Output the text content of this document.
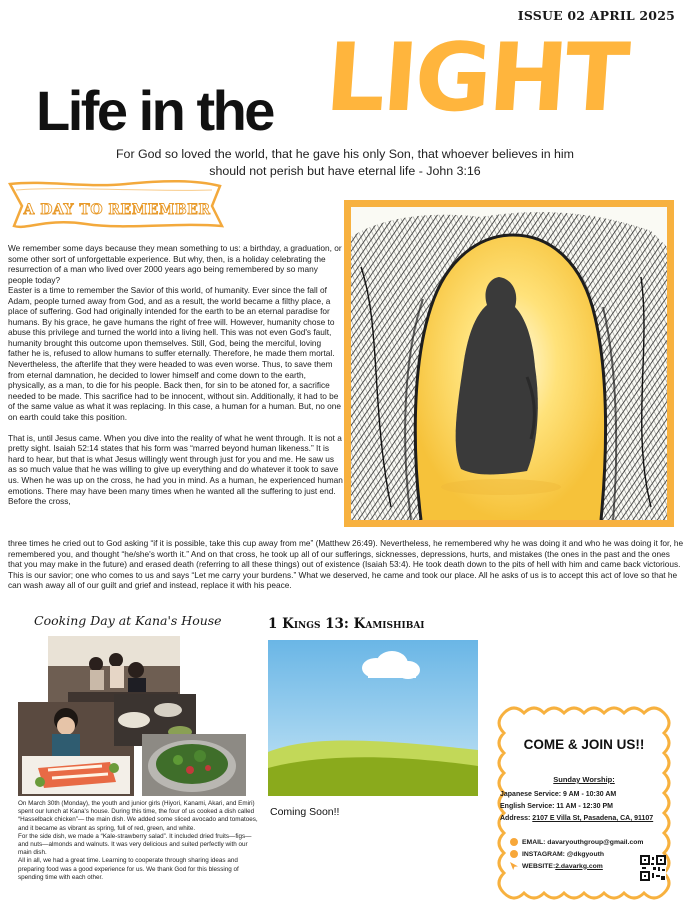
ISSUE 02 APRIL 2025
Life in the LIGHT
For God so loved the world, that he gave his only Son, that whoever believes in him
should not perish but have eternal life - John 3:16
A DAY TO REMEMBER

We remember some days because they mean something to us: a birthday, a graduation, or some other sort of unforgettable experience. But why, then, is a holiday celebrating the resurrection of a man who lived over 2000 years ago being remembered by so many people today?

Easter is a time to remember the Savior of this world, of humanity. Ever since the fall of Adam, people turned away from God, and as a result, the world became a filthy place, a place of suffering. God had originally intended for the earth to be an eternal paradise for humans. By his grace, he gave humans the right of free will. However, humanity chose to abuse this privilege and turned the world into a living hell. This was not even God's fault, humanity brought this outcome upon themselves. Still, God, being the merciful, loving father he is, refused to allow humans to suffer eternally. Therefore, he made them mortal. Nevertheless, the afterlife that they were headed to was even worse. Thus, to save them from eternal damnation, he decided to lower himself and come down to the earth, physically, as a man, to die for his people. Back then, for sin to be atoned for, a sacrifice needed to be made. This sacrifice had to be innocent, without sin. Additionally, it had to be of the same value as what it was replacing. In this case, a human for a human. But, no one on earth could take this position.

That is, until Jesus came. When you dive into the reality of what he went through. It is not a pretty sight. Isaiah 52:14 states that his form was “marred beyond human likeness.” It is hard to hear, but that is what Jesus willingly went through just for you and me. He saw us as so much value that he was willing to give up everything and do whatever it took to save us. When he was up on the cross, he had you in mind. As a human, he experienced human emotions. There may have been many times when he wanted all the suffering to just end. Before the cross,

three times he cried out to God asking “if it is possible, take this cup away from me” (Matthew 26:49). Nevertheless, he remembered why he was doing it and who he was doing it for, he remembered you, and thought “he/she's worth it.” And on that cross, he took up all of our sufferings, sicknesses, depressions, hurts, and mistakes (the ones in the past and the ones that you may make in the future) and erased death (referring to all these things) out of existence (Isaiah 53:4). He took death down to the pits of hell with him and came back victorious. This is our savior; one who comes to us and says “Let me carry your burdens.” What we deserved, he came and took our place. All he asks of us is to accept this act of love so that he can wash away all of our guilt and grief and instead, replace it with his peace.
Cooking Day at Kana's House

On March 30th (Monday), the youth and junior girls (Hiyori, Kanami, Akari, and Emiri) spent our lunch at Kana's house. During this time, the four of us cooked a dish called “Hasselback chicken”— the main dish. We added some sliced avocado and tomatoes, and it became as vibrant as spring, full of red, green, and white.

For the side dish, we made a “Kale-strawberry salad”. It included dried fruits—figs—and nuts—almonds and walnuts. It was very delicious and suited perfectly with our main dish.

All in all, we had a great time. Learning to cooperate through sharing ideas and preparing food was a good experience for us. We thank God for this blessing of spending time with each other.

1 Kings 13: Kamishibai
Coming Soon!!
COME & JOIN US!!
Sunday Worship:
Japanese Service: 9 AM - 10:30 AM
English Service: 11 AM - 12:30 PM
Address: 2107 E Villa St, Pasadena, CA, 91107
EMAIL: davaryouthgroup@gmail.com
INSTAGRAM: @dkgyouth
WEBSITE: 2.davarkg.com
